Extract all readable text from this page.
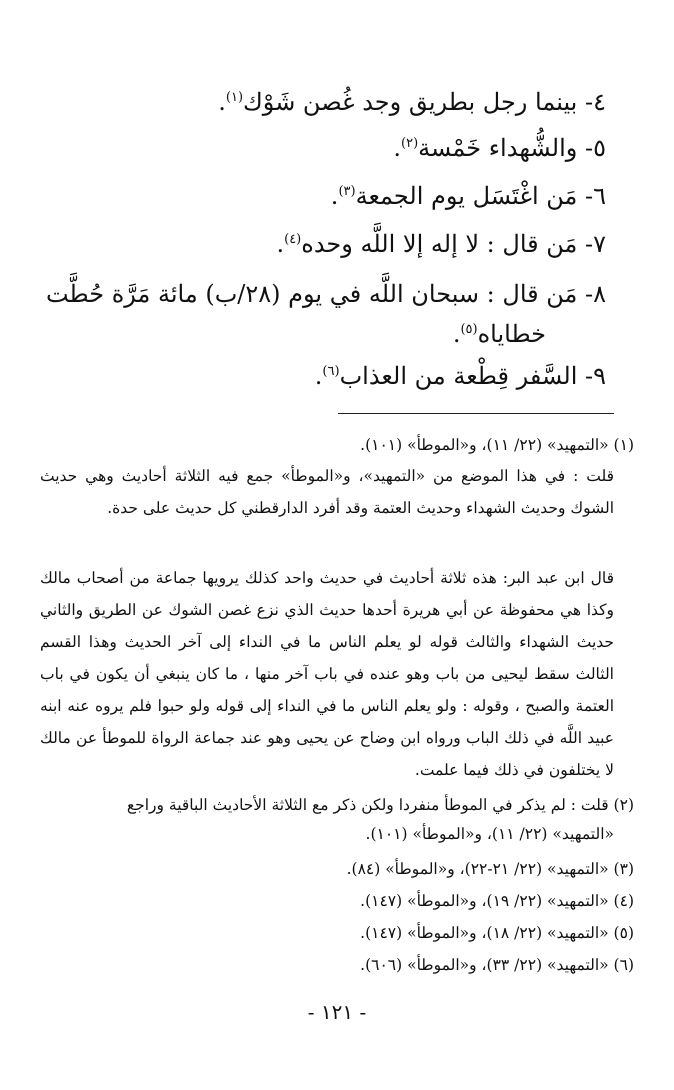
٤- بينما رجل بطريق وجد غُصن شَوْك$^{(١)}$.
٥- والشُّهداء خَمْسة$^{(٢)}$.
٦- مَن اغْتَسَل يوم الجمعة$^{(٣)}$.
٧- مَن قال : لا إله إلا اللَّه وحده$^{(٤)}$.
٨- مَن قال : سبحان اللَّه في يوم (٢٨/ب) مائة مَرَّة حُطَّت
خطاياه$^{(٥)}$.
٩- السَّفر قِطْعة من العذاب$^{(٦)}$.
(١) «التمهيد» (٢٢/ ١١)، و«الموطأ» (١٠١).
قلت : في هذا الموضع من «التمهيد»، و«الموطأ» جمع فيه الثلاثة أحاديث وهي حديث الشوك وحديث الشهداء وحديث العتمة وقد أفرد الدارقطني كل حديث على حدة.
قال ابن عبد البر: هذه ثلاثة أحاديث في حديث واحد كذلك يرويها جماعة من أصحاب مالك وكذا هي محفوظة عن أبي هريرة أحدها حديث الذي نزع غصن الشوك عن الطريق والثاني حديث الشهداء والثالث قوله لو يعلم الناس ما في النداء إلى آخر الحديث وهذا القسم الثالث سقط ليحيى من باب وهو عنده في باب آخر منها ، ما كان ينبغي أن يكون في باب العتمة والصبح ، وقوله : ولو يعلم الناس ما في النداء إلى قوله ولو حبوا فلم يروه عنه ابنه عبيد اللَّه في ذلك الباب ورواه ابن وضاح عن يحيى وهو عند جماعة الرواة للموطأ عن مالك لا يختلفون في ذلك فيما علمت.
(٢) قلت : لم يذكر في الموطأ منفردا ولكن ذكر مع الثلاثة الأحاديث الباقية وراجع
«التمهيد» (٢٢/ ١١)، و«الموطأ» (١٠١).
(٣) «التمهيد» (٢٢/ ٢١-٢٢)، و«الموطأ» (٨٤).
(٤) «التمهيد» (٢٢/ ١٩)، و«الموطأ» (١٤٧).
(٥) «التمهيد» (٢٢/ ١٨)، و«الموطأ» (١٤٧).
(٦) «التمهيد» (٢٢/ ٣٣)، و«الموطأ» (٦٠٦).
- ١٢١ -
